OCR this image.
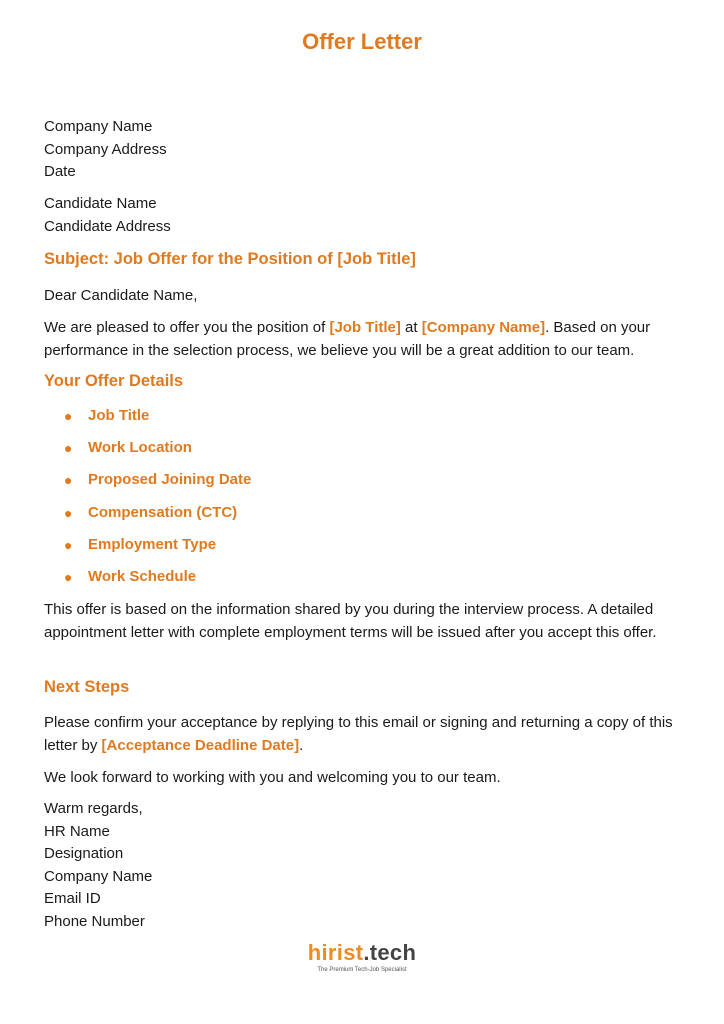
Offer Letter
Company Name
Company Address
Date
Candidate Name
Candidate Address
Subject: Job Offer for the Position of [Job Title]

Dear Candidate Name,

We are pleased to offer you the position of [Job Title] at [Company Name]. Based on your performance in the selection process, we believe you will be a great addition to our team.

Your Offer Details
● Job Title
● Work Location
● Proposed Joining Date
● Compensation (CTC)
● Employment Type
● Work Schedule

This offer is based on the information shared by you during the interview process. A detailed appointment letter with complete employment terms will be issued after you accept this offer.

Next Steps

Please confirm your acceptance by replying to this email or signing and returning a copy of this letter by [Acceptance Deadline Date].

We look forward to working with you and welcoming you to our team.

Warm regards,
HR Name
Designation
Company Name
Email ID
Phone Number
hirist.tech
The Premium Tech-Job Specialist
